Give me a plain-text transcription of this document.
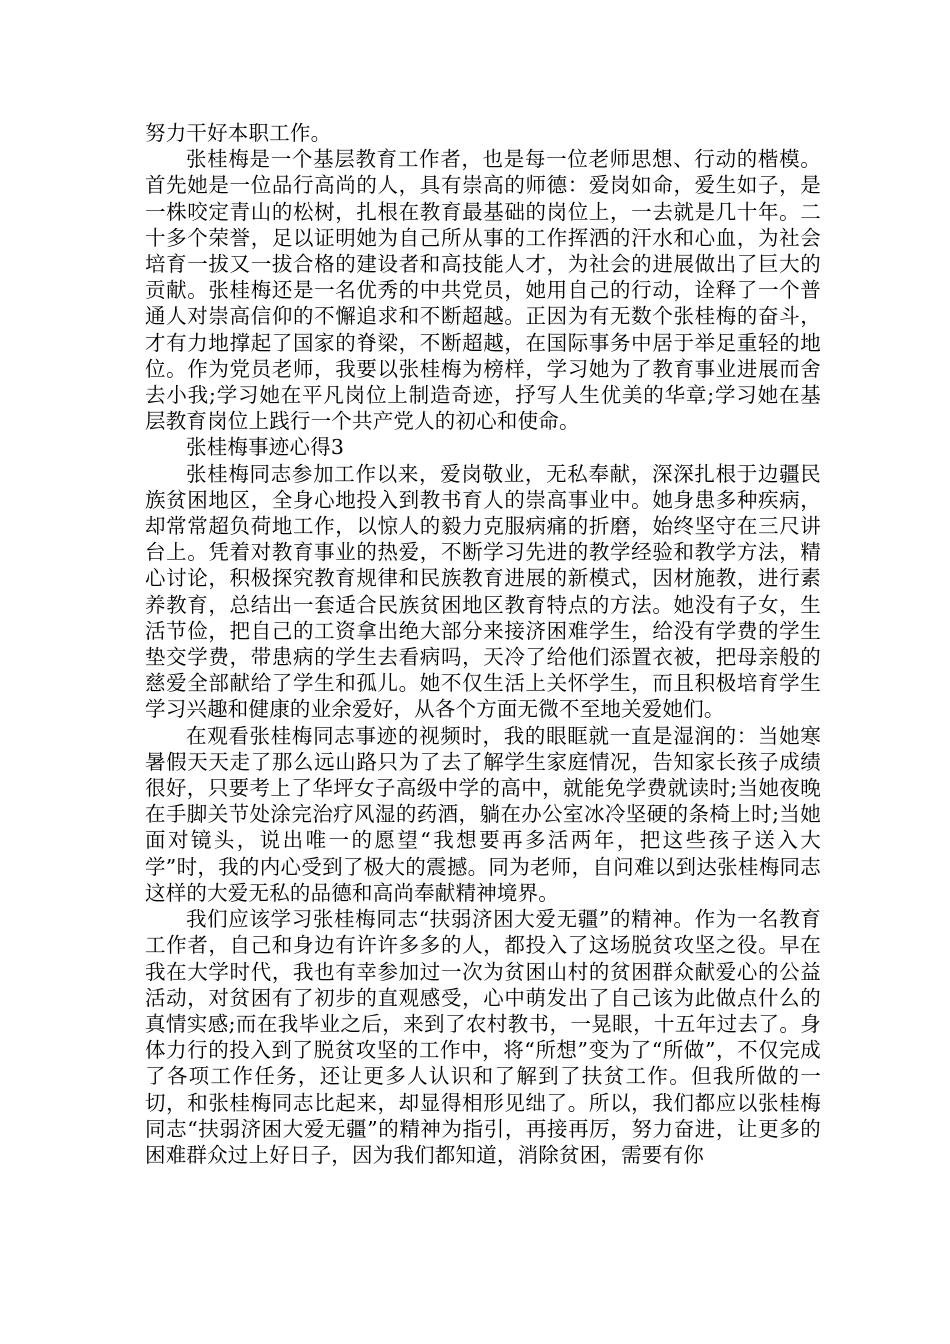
努力干好本职工作。

张桂梅是一个基层教育工作者，也是每一位老师思想、行动的楷模。首先她是一位品行高尚的人，具有崇高的师德：爱岗如命，爱生如子，是一株咬定青山的松树，扎根在教育最基础的岗位上，一去就是几十年。二十多个荣誉，足以证明她为自己所从事的工作挥洒的汗水和心血，为社会培育一拔又一拔合格的建设者和高技能人才，为社会的进展做出了巨大的贡献。张桂梅还是一名优秀的中共党员，她用自己的行动，诠释了一个普通人对崇高信仰的不懈追求和不断超越。正因为有无数个张桂梅的奋斗，才有力地撑起了国家的脊梁，不断超越，在国际事务中居于举足重轻的地位。作为党员老师，我要以张桂梅为榜样，学习她为了教育事业进展而舍去小我;学习她在平凡岗位上制造奇迹，抒写人生优美的华章;学习她在基层教育岗位上践行一个共产党人的初心和使命。

张桂梅事迹心得3

张桂梅同志参加工作以来，爱岗敬业，无私奉献，深深扎根于边疆民族贫困地区，全身心地投入到教书育人的崇高事业中。她身患多种疾病，却常常超负荷地工作，以惊人的毅力克服病痛的折磨，始终坚守在三尺讲台上。凭着对教育事业的热爱，不断学习先进的教学经验和教学方法，精心讨论，积极探究教育规律和民族教育进展的新模式，因材施教，进行素养教育，总结出一套适合民族贫困地区教育特点的方法。她没有子女，生活节俭，把自己的工资拿出绝大部分来接济困难学生，给没有学费的学生垫交学费，带患病的学生去看病吗，天冷了给他们添置衣被，把母亲般的慈爱全部献给了学生和孤儿。她不仅生活上关怀学生，而且积极培育学生学习兴趣和健康的业余爱好，从各个方面无微不至地关爱她们。

在观看张桂梅同志事迹的视频时，我的眼眶就一直是湿润的：当她寒暑假天天走了那么远山路只为了去了解学生家庭情况，告知家长孩子成绩很好，只要考上了华坪女子高级中学的高中，就能免学费就读时;当她夜晚在手脚关节处涂完治疗风湿的药酒，躺在办公室冰冷坚硬的条椅上时;当她面对镜头，说出唯一的愿望“我想要再多活两年，把这些孩子送入大学”时，我的内心受到了极大的震撼。同为老师，自问难以到达张桂梅同志这样的大爱无私的品德和高尚奉献精神境界。

我们应该学习张桂梅同志“扶弱济困大爱无疆”的精神。作为一名教育工作者，自己和身边有许许多多的人，都投入了这场脱贫攻坚之役。早在我在大学时代，我也有幸参加过一次为贫困山村的贫困群众献爱心的公益活动，对贫困有了初步的直观感受，心中萌发出了自己该为此做点什么的真情实感;而在我毕业之后，来到了农村教书，一晃眼，十五年过去了。身体力行的投入到了脱贫攻坚的工作中，将“所想”变为了“所做”，不仅完成了各项工作任务，还让更多人认识和了解到了扶贫工作。但我所做的一切，和张桂梅同志比起来，却显得相形见绌了。所以，我们都应以张桂梅同志“扶弱济困大爱无疆”的精神为指引，再接再厉，努力奋进，让更多的困难群众过上好日子，因为我们都知道，消除贫困，需要有你
